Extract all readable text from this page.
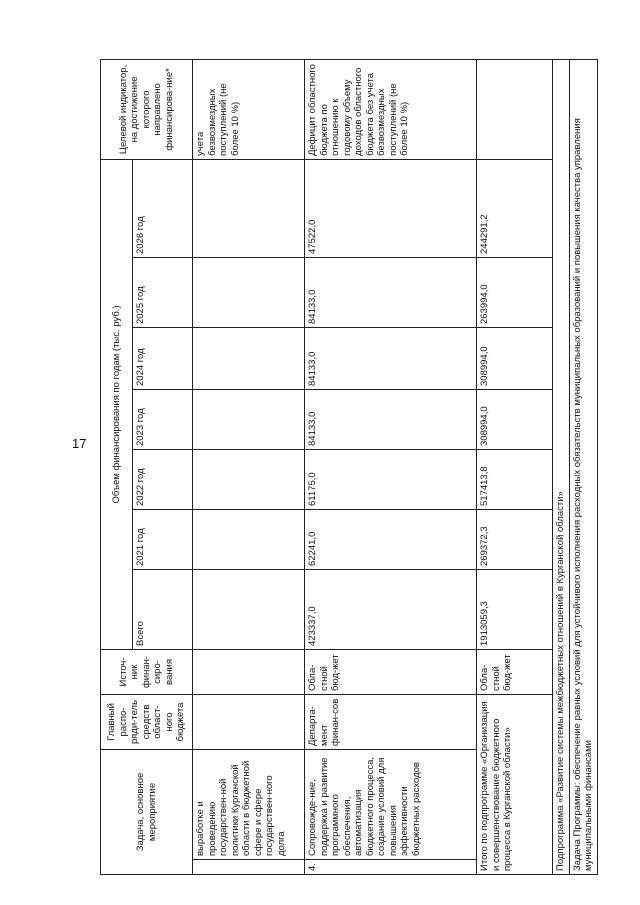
17
Задача, основное мероприятие		Главный распо-ряди-тель средств област-ного бюджета	Источ-ник финан-сиро-вания	Объем финансирования по годам (тыс. руб.)							Целевой индикатор, на достижение которого направлено финансирова-ние*
				Всего	2021 год	2022 год	2023 год	2024 год	2025 год	2026 год	
	выработке и проведению государствен-ной политики Курганской области в бюджетной сфере и сфере государствен-ного долга										учета безвозмездных поступлений (не более 10 %)
4.	Сопровожде-ние, поддержка и развитие программного обеспечения, автоматизация бюджетного процесса, создание условий для повышения эффективности бюджетных расходов	Департа-мент финан-сов	Обла-стной бюд-жет	423337,0	62241,0	61175,0	84133,0	84133,0	84133,0	47522,0	Дефицит областного бюджета по отношению к годовому объему доходов областного бюджета без учета безвозмездных поступлений (не более 10 %)
Итого по подпрограмме «Организация и совершенствование бюджетного процесса в Курганской области»			Обла-стной бюд-жет	1913059,3	269372,3	517413,8	308994,0	308994,0	263994,0	244291,2	
Подпрограмма «Развитие системы межбюджетных отношений в Курганской области»											
Задача Программы: обеспечение равных условий для устойчивого исполнения расходных обязательств муниципальных образований и повышения качества управления муниципальными финансами											
